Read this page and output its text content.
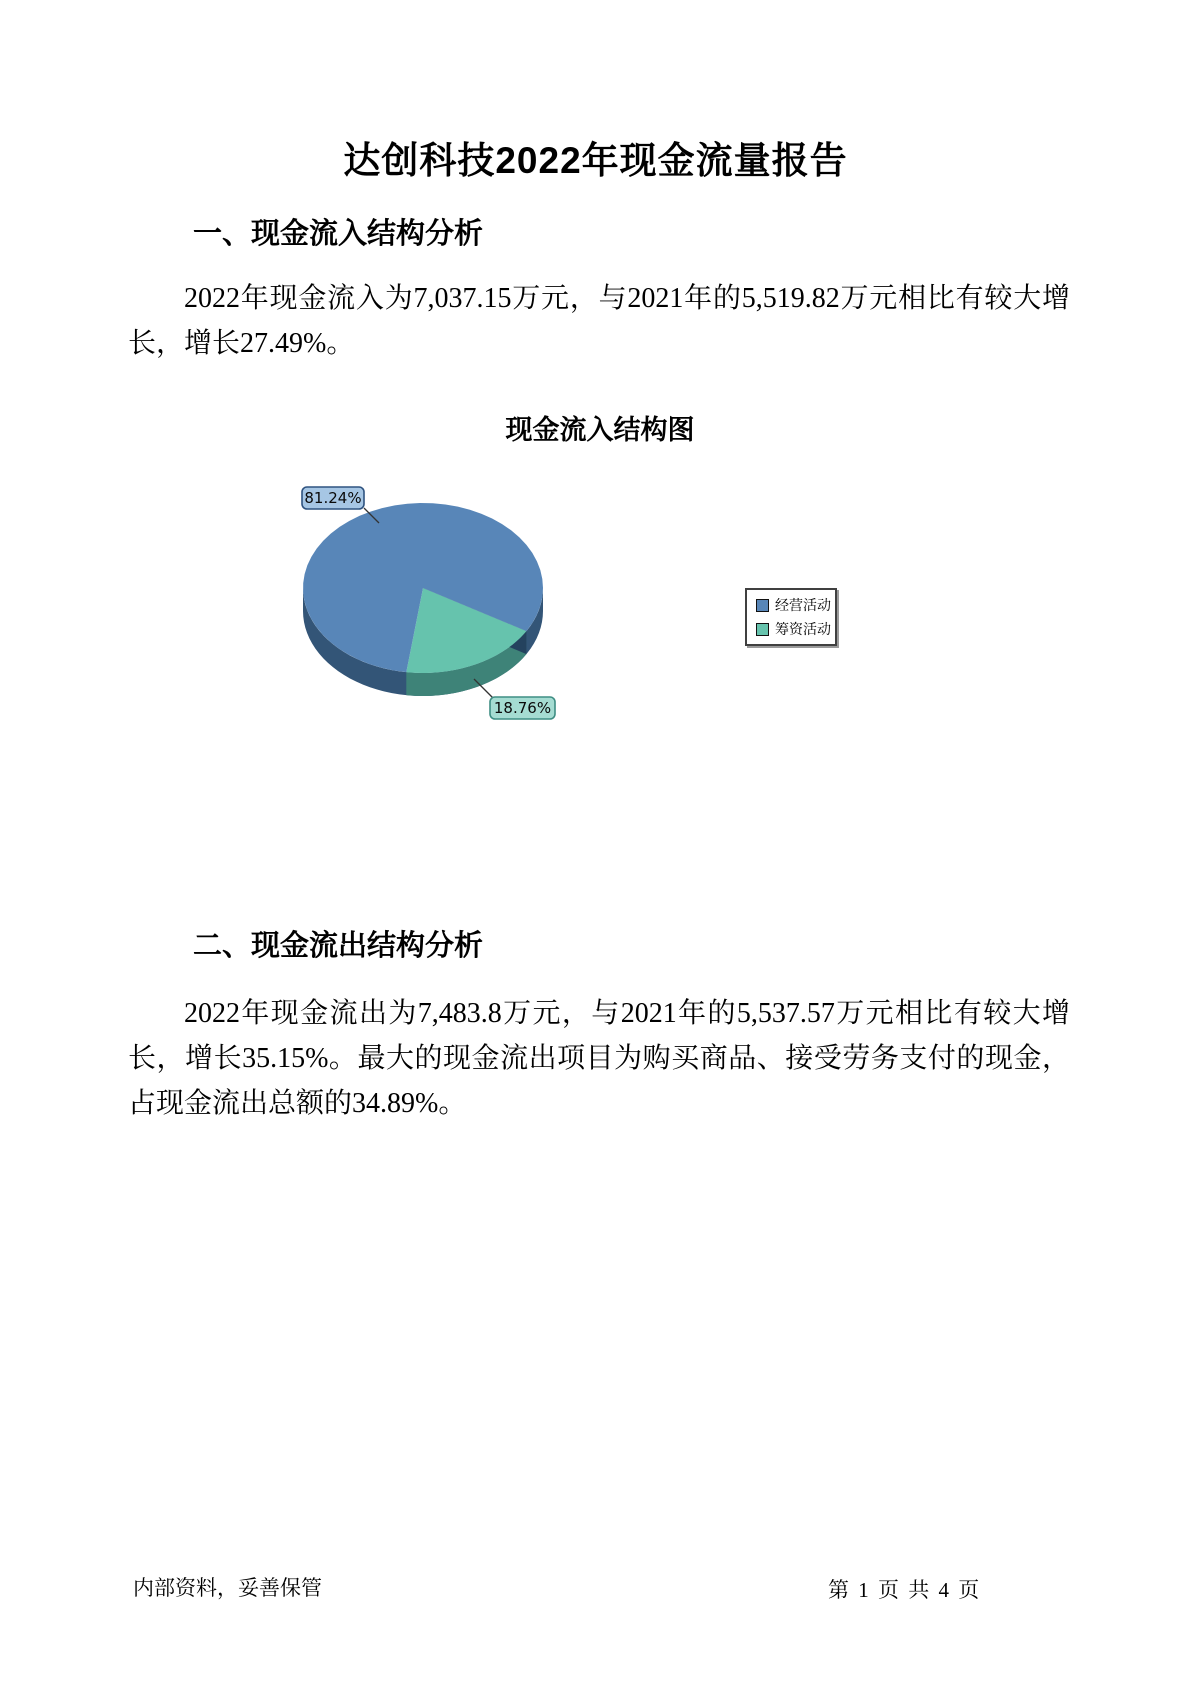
达创科技2022年现金流量报告
一、现金流入结构分析
2022年现金流入为7,037.15万元，与2021年的5,519.82万元相比有较大增长，增长27.49%。
现金流入结构图
81.24%
18.76%
经营活动
筹资活动
二、现金流出结构分析
2022年现金流出为7,483.8万元，与2021年的5,537.57万元相比有较大增长，增长35.15%。最大的现金流出项目为购买商品、接受劳务支付的现金，占现金流出总额的34.89%。
内部资料，妥善保管	第 1 页 共 4 页
